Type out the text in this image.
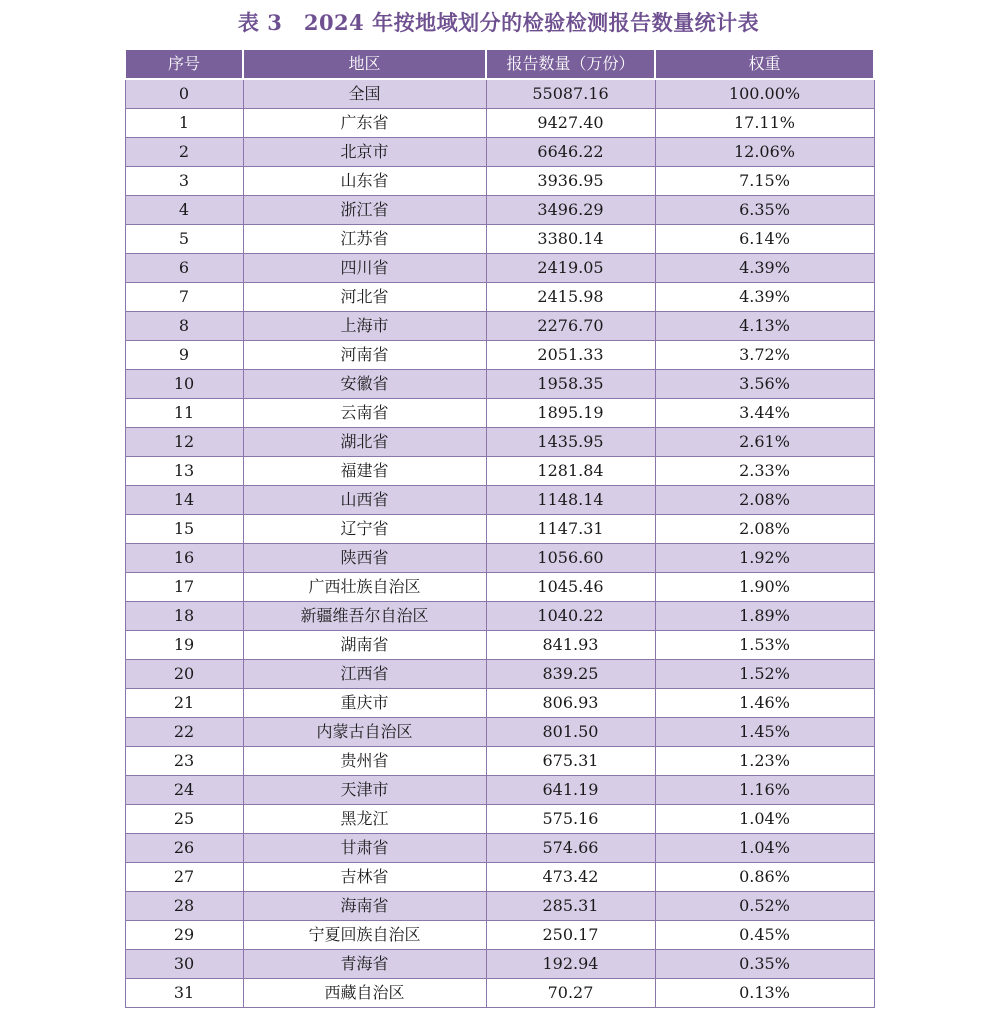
表 3　2024 年按地域划分的检验检测报告数量统计表
序号	地区	报告数量（万份）	权重
0	全国	55087.16	100.00%
1	广东省	9427.40	17.11%
2	北京市	6646.22	12.06%
3	山东省	3936.95	7.15%
4	浙江省	3496.29	6.35%
5	江苏省	3380.14	6.14%
6	四川省	2419.05	4.39%
7	河北省	2415.98	4.39%
8	上海市	2276.70	4.13%
9	河南省	2051.33	3.72%
10	安徽省	1958.35	3.56%
11	云南省	1895.19	3.44%
12	湖北省	1435.95	2.61%
13	福建省	1281.84	2.33%
14	山西省	1148.14	2.08%
15	辽宁省	1147.31	2.08%
16	陕西省	1056.60	1.92%
17	广西壮族自治区	1045.46	1.90%
18	新疆维吾尔自治区	1040.22	1.89%
19	湖南省	841.93	1.53%
20	江西省	839.25	1.52%
21	重庆市	806.93	1.46%
22	内蒙古自治区	801.50	1.45%
23	贵州省	675.31	1.23%
24	天津市	641.19	1.16%
25	黑龙江	575.16	1.04%
26	甘肃省	574.66	1.04%
27	吉林省	473.42	0.86%
28	海南省	285.31	0.52%
29	宁夏回族自治区	250.17	0.45%
30	青海省	192.94	0.35%
31	西藏自治区	70.27	0.13%
